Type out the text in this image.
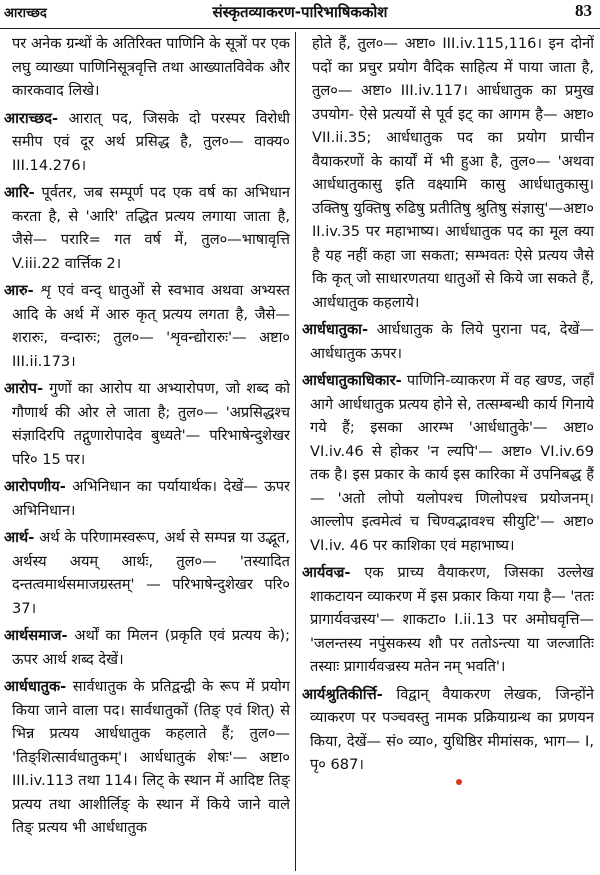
आराच्छद	संस्कृतव्याकरण-पारिभाषिककोश	83

पर अनेक ग्रन्थों के अतिरिक्त पाणिनि के सूत्रों पर एक लघु व्याख्या पाणिनिसूत्रवृत्ति तथा आख्यातविवेक और कारकवाद लिखे।

आराच्छद- आरात् पद, जिसके दो परस्पर विरोधी समीप एवं दूर अर्थ प्रसिद्ध है, तुल०— वाक्य० III.14.276।

आरि- पूर्वतर, जब सम्पूर्ण पद एक वर्ष का अभिधान करता है, से 'आरि' तद्धित प्रत्यय लगाया जाता है, जैसे— परारि= गत वर्ष में, तुल०—भाषावृत्ति V.iii.22 वार्त्तिक 2।

आरु- शृ एवं वन्द् धातुओं से स्वभाव अथवा अभ्यस्त आदि के अर्थ में आरु कृत् प्रत्यय लगता है, जैसे— शरारुः, वन्दारुः; तुल०— 'शृवन्द्योरारुः'— अष्टा० III.ii.173।

आरोप- गुणों का आरोप या अभ्यारोपण, जो शब्द को गौणार्थ की ओर ले जाता है; तुल०— 'अप्रसिद्धश्च संज्ञादिरपि तद्गुणारोपादेव बुध्यते'— परिभाषेन्दुशेखर परि० 15 पर।

आरोपणीय- अभिनिधान का पर्यायार्थक। देखें— ऊपर अभिनिधान।

आर्थ- अर्थ के परिणामस्वरूप, अर्थ से सम्पन्न या उद्भूत, अर्थस्य अयम् आर्थः, तुल०— 'तस्यादित दन्तत्वमार्थसमाजग्रस्तम्' — परिभाषेन्दुशेखर परि० 37।

आर्थसमाज- अर्थों का मिलन (प्रकृति एवं प्रत्यय के); ऊपर आर्थ शब्द देखें।

आर्धधातुक- सार्वधातुक के प्रतिद्वन्द्वी के रूप में प्रयोग किया जाने वाला पद। सार्वधातुकों (तिङ् एवं शित्) से भिन्न प्रत्यय आर्धधातुक कहलाते हैं; तुल०— 'तिङ्शित्सार्वधातुकम्'। आर्धधातुकं शेषः'— अष्टा० III.iv.113 तथा 114। लिट् के स्थान में आदिष्ट तिङ् प्रत्यय तथा आशीर्लिङ् के स्थान में किये जाने वाले तिङ् प्रत्यय भी आर्धधातुक

होते हैं, तुल०— अष्टा० III.iv.115,116। इन दोनों पदों का प्रचुर प्रयोग वैदिक साहित्य में पाया जाता है, तुल०— अष्टा० III.iv.117। आर्धधातुक का प्रमुख उपयोग- ऐसे प्रत्ययों से पूर्व इट् का आगम है— अष्टा० VII.ii.35; आर्धधातुक पद का प्रयोग प्राचीन वैयाकरणों के कार्यों में भी हुआ है, तुल०— 'अथवा आर्धधातुकासु इति वक्ष्यामि कासु आर्धधातुकासु। उक्तिषु युक्तिषु रुढिषु प्रतीतिषु श्रुतिषु संज्ञासु'—अष्टा० II.iv.35 पर महाभाष्य। आर्धधातुक पद का मूल क्या है यह नहीं कहा जा सकता; सम्भवतः ऐसे प्रत्यय जैसे कि कृत् जो साधारणतया धातुओं से किये जा सकते हैं, आर्धधातुक कहलाये।

आर्धधातुका- आर्धधातुक के लिये पुराना पद, देखें— आर्धधातुक ऊपर।

आर्धधातुकाधिकार- पाणिनि-व्याकरण में वह खण्ड, जहाँ आगे आर्धधातुक प्रत्यय होने से, तत्सम्बन्धी कार्य गिनाये गये हैं; इसका आरम्भ 'आर्धधातुके'— अष्टा० VI.iv.46 से होकर 'न ल्यपि'— अष्टा० VI.iv.69 तक है। इस प्रकार के कार्य इस कारिका में उपनिबद्ध हैं— 'अतो लोपो यलोपश्च णिलोपश्च प्रयोजनम्। आल्लोप इत्वमेत्वं च चिण्वद्भावश्च सीयुटि'— अष्टा० VI.iv. 46 पर काशिका एवं महाभाष्य।

आर्यवज्र- एक प्राच्य वैयाकरण, जिसका उल्लेख शाकटायन व्याकरण में इस प्रकार किया गया है— 'ततः प्रागार्यवज्रस्य'— शाकटा० I.ii.13 पर अमोघवृत्ति— 'जलन्तस्य नपुंसकस्य शौ पर ततोऽन्त्या या जल्जातिः तस्याः प्रागार्यवज्रस्य मतेन नम् भवति'।

आर्यश्रुतिकीर्त्ति- विद्वान् वैयाकरण लेखक, जिन्होंने व्याकरण पर पञ्चवस्तु नामक प्रक्रियाग्रन्थ का प्रणयन किया, देखें— सं० व्या०, युधिष्ठिर मीमांसक, भाग— I, पृ० 687।
